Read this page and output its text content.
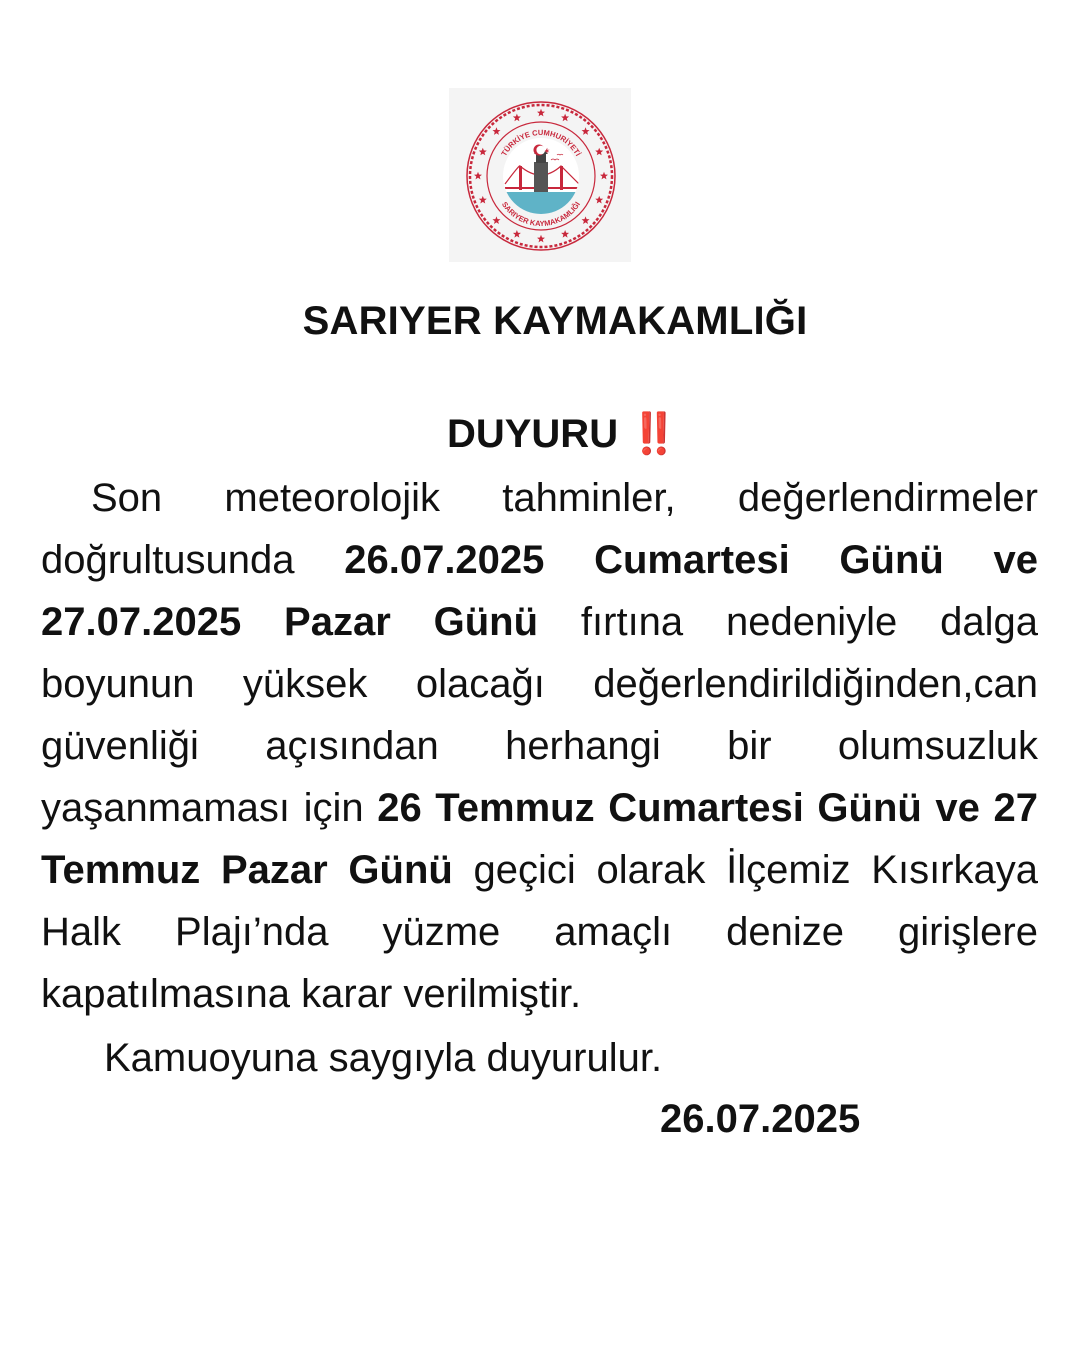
TÜRKİYE CUMHURİYETİ
SARIYER KAYMAKAMLIĞI
SARIYER KAYMAKAMLIĞI
DUYURU ‼️
Son meteorolojik tahminler, değerlendirmeler doğrultusunda 26.07.2025 Cumartesi Günü ve 27.07.2025 Pazar Günü fırtına nedeniyle dalga boyunun yüksek olacağı değerlendirildiğinden,can güvenliği açısından herhangi bir olumsuzluk yaşanmaması için 26 Temmuz Cumartesi Günü ve 27 Temmuz Pazar Günü geçici olarak İlçemiz Kısırkaya Halk Plajı’nda yüzme amaçlı denize girişlere kapatılmasına karar verilmiştir.
Kamuoyuna saygıyla duyurulur.
26.07.2025
